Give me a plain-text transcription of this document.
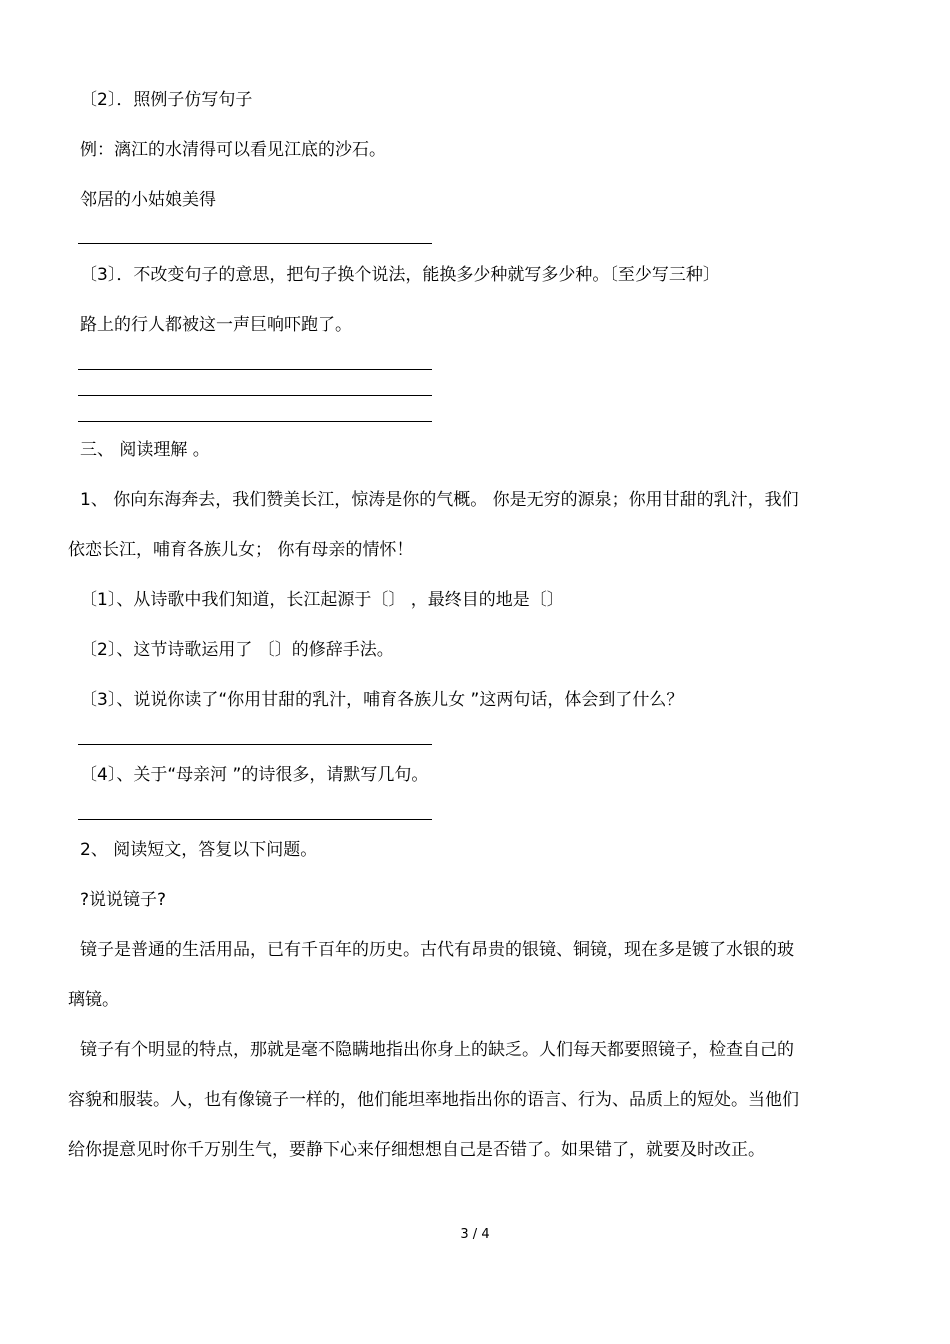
〔2〕．照例子仿写句子
例：漓江的水清得可以看见江底的沙石。
邻居的小姑娘美得
〔3〕．不改变句子的意思，把句子换个说法，能换多少种就写多少种。〔至少写三种〕
路上的行人都被这一声巨响吓跑了。
三、 阅读理解 。
1、 你向东海奔去，我们赞美长江，惊涛是你的气概。 你是无穷的源泉；你用甘甜的乳汁，我们
依恋长江，哺育各族儿女； 你有母亲的情怀！
〔1〕、从诗歌中我们知道，长江起源于〔〕 ，最终目的地是〔〕
〔2〕、这节诗歌运用了 〔〕的修辞手法。
〔3〕、说说你读了“你用甘甜的乳汁，哺育各族儿女 ”这两句话，体会到了什么？
〔4〕、关于“母亲河 ”的诗很多，请默写几句。
2、 阅读短文，答复以下问题。
?说说镜子?
镜子是普通的生活用品，已有千百年的历史。古代有昂贵的银镜、铜镜，现在多是镀了水银的玻
璃镜。
镜子有个明显的特点，那就是毫不隐瞒地指出你身上的缺乏。人们每天都要照镜子，检查自己的
容貌和服装。人，也有像镜子一样的，他们能坦率地指出你的语言、行为、品质上的短处。当他们
给你提意见时你千万别生气，要静下心来仔细想想自己是否错了。如果错了，就要及时改正。
3 / 4
